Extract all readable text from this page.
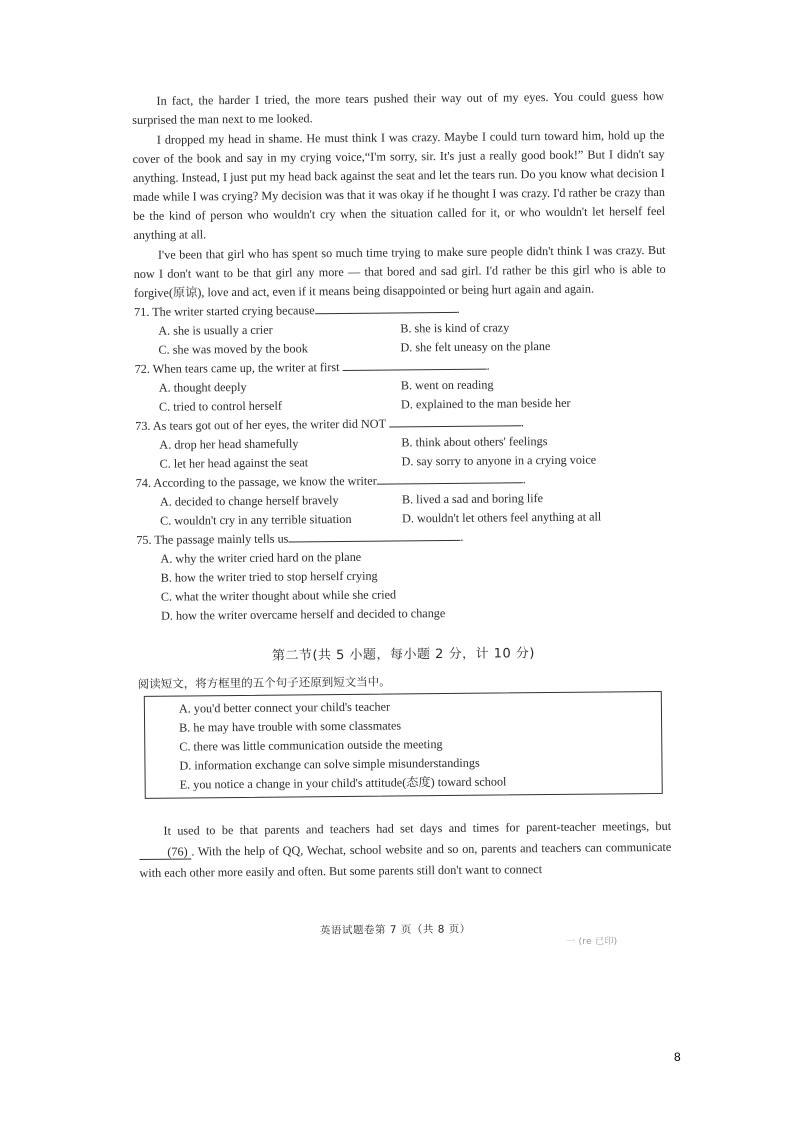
In fact, the harder I tried, the more tears pushed their way out of my eyes. You could guess how surprised the man next to me looked.

I dropped my head in shame. He must think I was crazy. Maybe I could turn toward him, hold up the cover of the book and say in my crying voice,“I'm sorry, sir. It's just a really good book!” But I didn't say anything. Instead, I just put my head back against the seat and let the tears run. Do you know what decision I made while I was crying? My decision was that it was okay if he thought I was crazy. I'd rather be crazy than be the kind of person who wouldn't cry when the situation called for it, or who wouldn't let herself feel anything at all.

I've been that girl who has spent so much time trying to make sure people didn't think I was crazy. But now I don't want to be that girl any more — that bored and sad girl. I'd rather be this girl who is able to forgive(原谅), love and act, even if it means being disappointed or being hurt again and again.

71. The writer started crying because	.
A. she is usually a crier	B. she is kind of crazy
C. she was moved by the book	D. she felt uneasy on the plane
72. When tears came up, the writer at first	.
A. thought deeply	B. went on reading
C. tried to control herself	D. explained to the man beside her
73. As tears got out of her eyes, the writer did NOT	.
A. drop her head shamefully	B. think about others' feelings
C. let her head against the seat	D. say sorry to anyone in a crying voice
74. According to the passage, we know the writer	.
A. decided to change herself bravely	B. lived a sad and boring life
C. wouldn't cry in any terrible situation	D. wouldn't let others feel anything at all
75. The passage mainly tells us	.
A. why the writer cried hard on the plane
B. how the writer tried to stop herself crying
C. what the writer thought about while she cried
D. how the writer overcame herself and decided to change
第二节(共 5 小题，每小题 2 分，计 10 分)

阅读短文，将方框里的五个句子还原到短文当中。

A. you'd better connect your child's teacher
B. he may have trouble with some classmates
C. there was little communication outside the meeting
D. information exchange can solve simple misunderstandings
E. you notice a change in your child's attitude(态度) toward school

It used to be that parents and teachers had set days and times for parent-teacher meetings, but (76) . With the help of QQ, Wechat, school website and so on, parents and teachers can communicate with each other more easily and often. But some parents still don't want to connect

英语试题卷第 7 页（共 8 页）
一 (re 已印)
8
